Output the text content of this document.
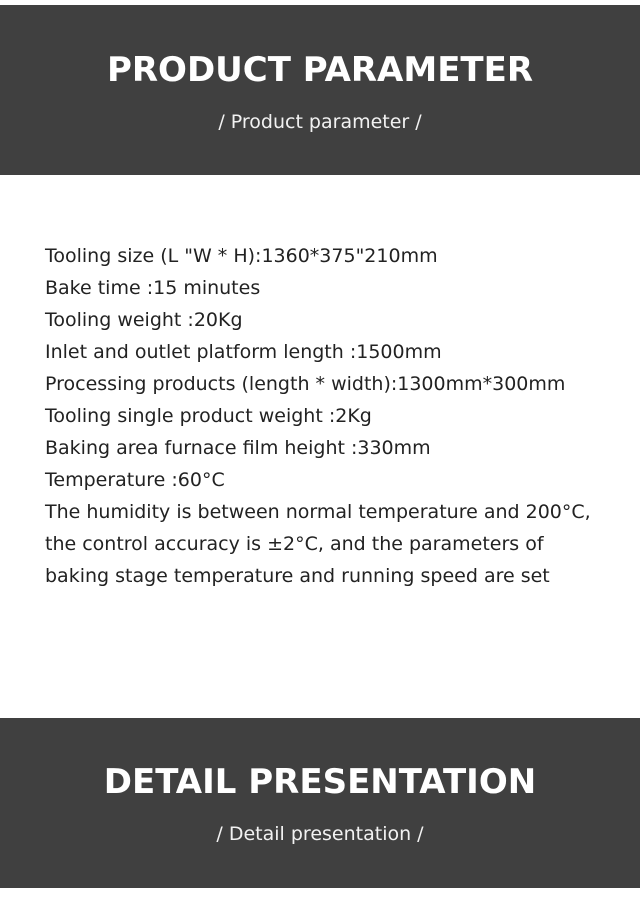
PRODUCT PARAMETER
/ Product parameter /
Tooling size (L "W * H):1360*375"210mm
Bake time :15 minutes
Tooling weight :20Kg
Inlet and outlet platform length :1500mm
Processing products (length * width):1300mm*300mm
Tooling single product weight :2Kg
Baking area furnace film height :330mm
Temperature :60°C
The humidity is between normal temperature and 200°C, the control accuracy is ±2°C, and the parameters of baking stage temperature and running speed are set
DETAIL PRESENTATION
/ Detail presentation /
